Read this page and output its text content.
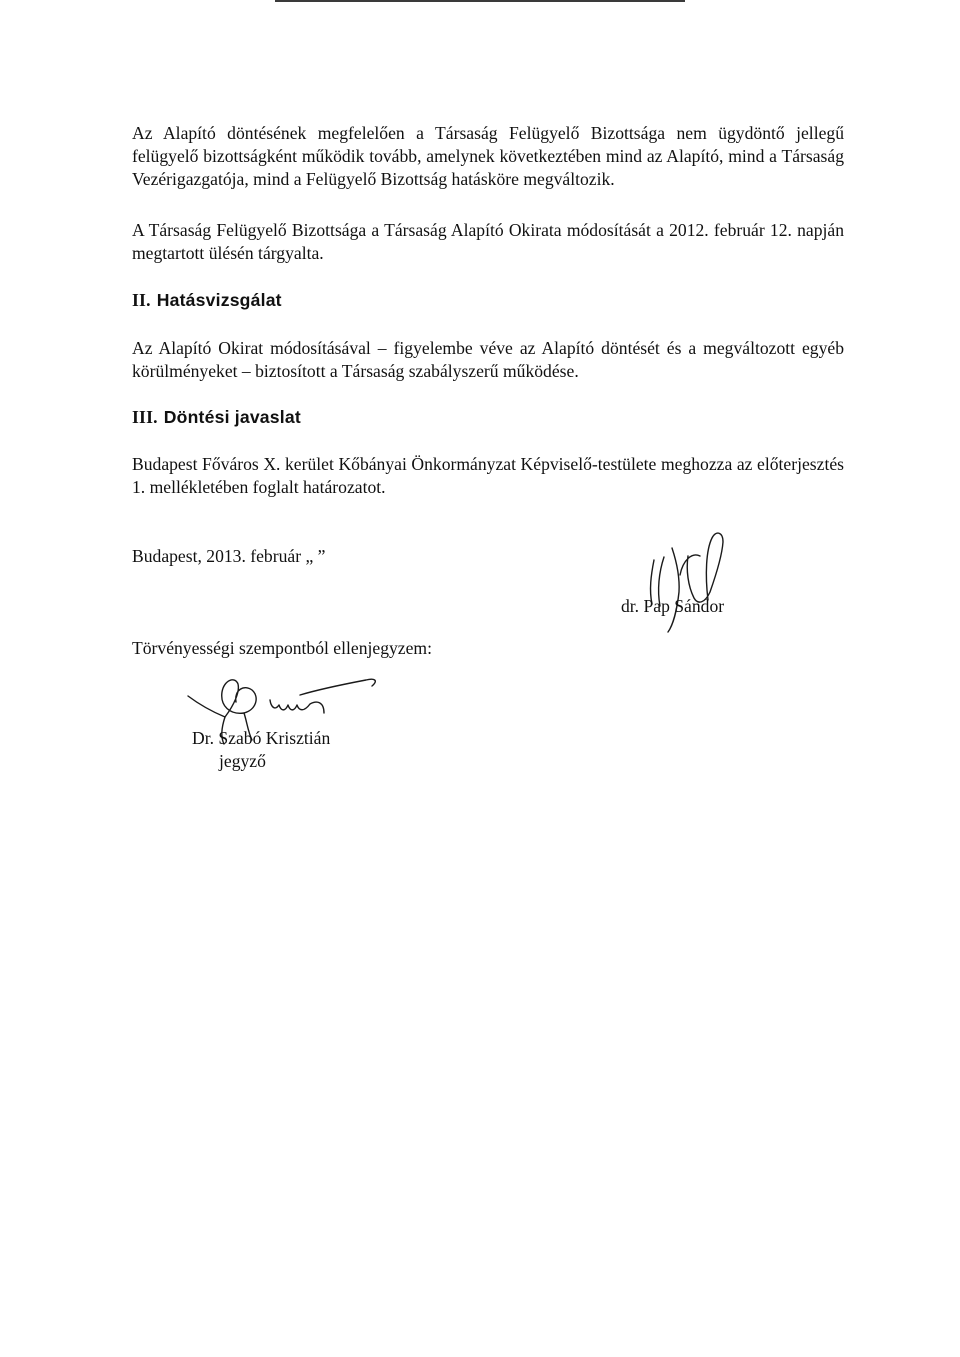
Az Alapító döntésének megfelelően a Társaság Felügyelő Bizottsága nem ügydöntő jellegű felügyelő bizottságként működik tovább, amelynek következtében mind az Alapító, mind a Társaság Vezérigazgatója, mind a Felügyelő Bizottság hatásköre megváltozik.

A Társaság Felügyelő Bizottsága a Társaság Alapító Okirata módosítását a 2012. február 12. napján megtartott ülésén tárgyalta.

II. Hatásvizsgálat

Az Alapító Okirat módosításával – figyelembe véve az Alapító döntését és a megváltozott egyéb körülményeket – biztosított a Társaság szabályszerű működése.

III. Döntési javaslat

Budapest Főváros X. kerület Kőbányai Önkormányzat Képviselő-testülete meghozza az előterjesztés 1. mellékletében foglalt határozatot.

Budapest, 2013. február „ ”

dr. Pap Sándor

Törvényességi szempontból ellenjegyzem:

Dr. Szabó Krisztián

jegyző
